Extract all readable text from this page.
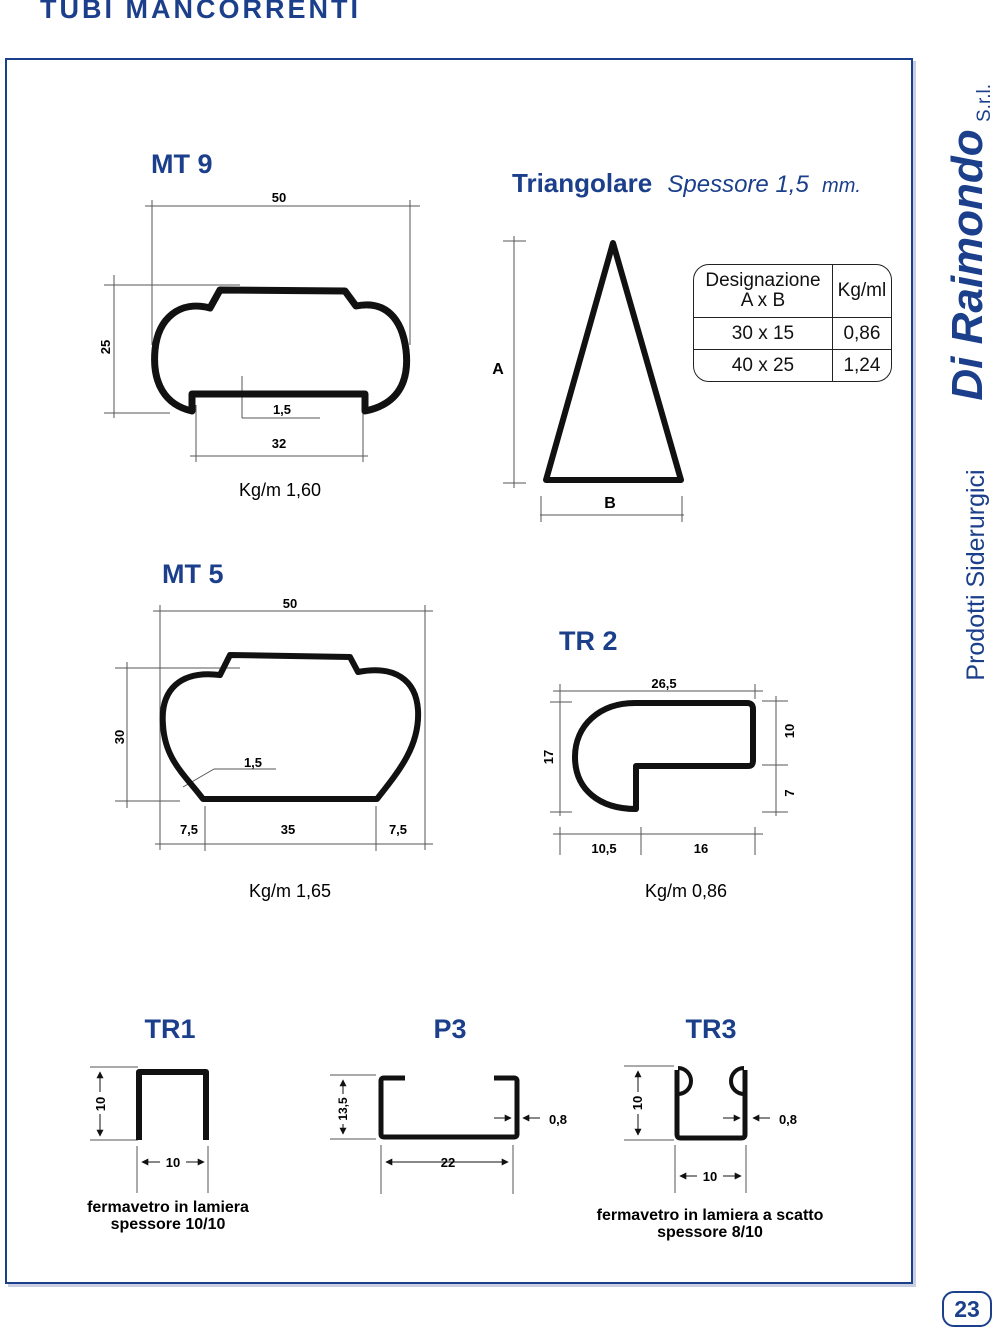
TUBI MANCORRENTI
S.r.l.
Di Raimondo
Prodotti Siderurgici
23
MT 9
50
25
1,5
32
Kg/m 1,60
Triangolare Spessore 1,5 mm.
A
B
MT 5
50
30
1,5
7,5	35	7,5
Kg/m 1,65
TR 2
26,5
17
10
7
10,5	16
Kg/m 0,86
TR1
10
10
fermavetro in lamiera
spessore 10/10
P3
13,5
22
0,8
TR3
10
10
0,8
fermavetro in lamiera a scatto
spessore 8/10
Designazione
A x B	Kg/ml
30 x 15	0,86
40 x 25	1,24
